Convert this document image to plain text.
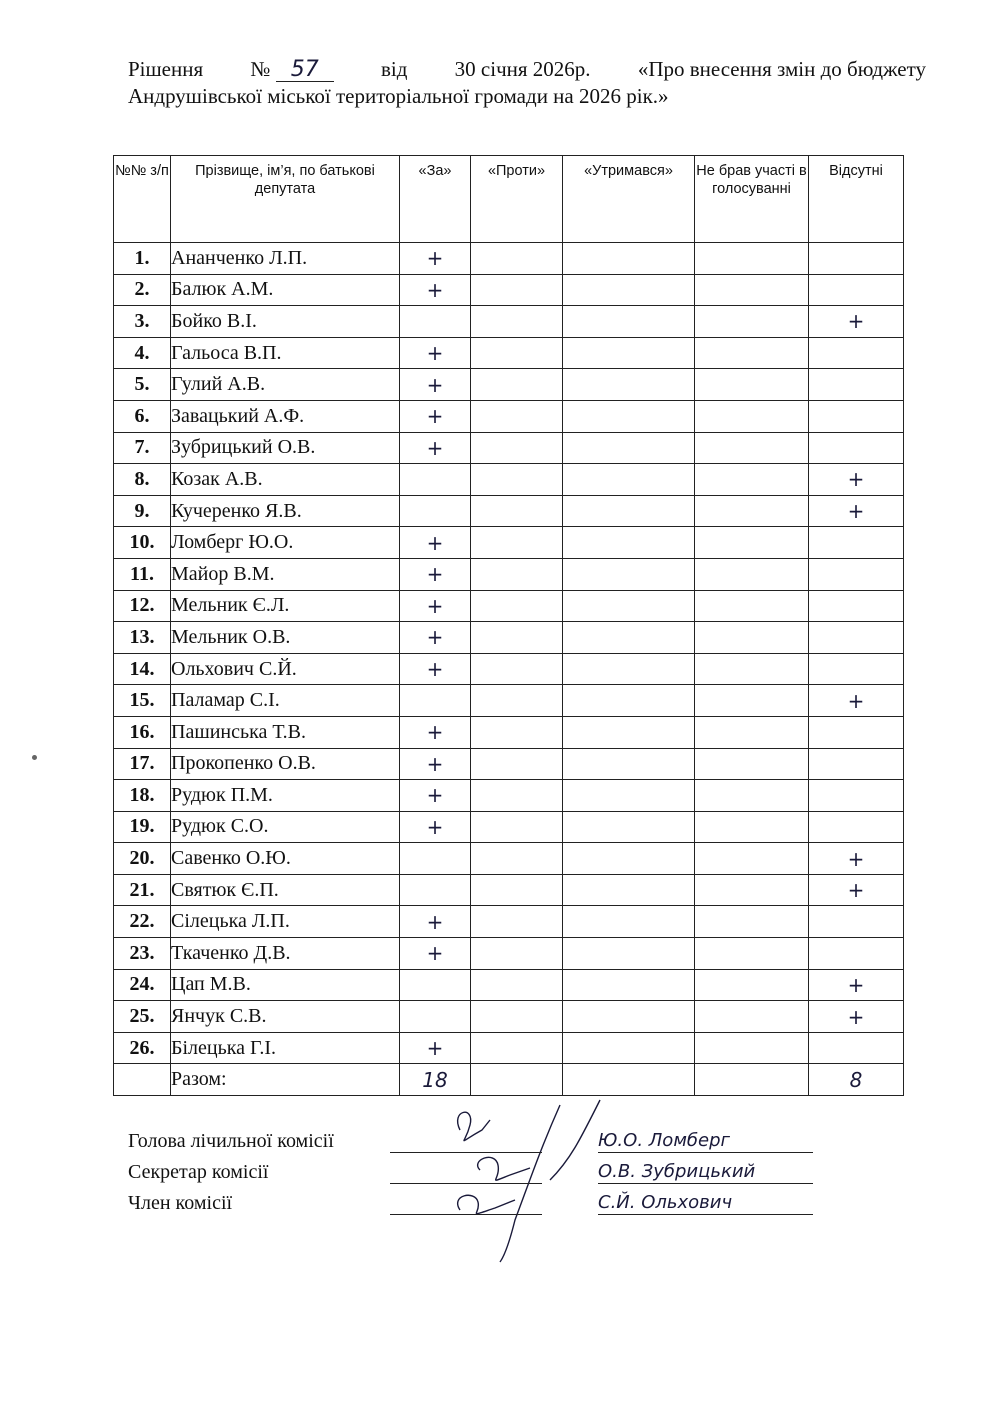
Рішення № 57	від 30 січня 2026р. «Про внесення змін до бюджету
Андрушівської міської територіальної громади на 2026 рік.»
№№ з/п	Прізвище, ім’я, по батькові депутата	«За»	«Проти»	«Утримався»	Не брав участі в голосуванні	Відсутні
1.	Ананченко Л.П.	+				
2.	Балюк А.М.	+				
3.	Бойко В.І.					+
4.	Гальоса В.П.	+				
5.	Гулий А.В.	+				
6.	Завацький А.Ф.	+				
7.	Зубрицький О.В.	+				
8.	Козак А.В.					+
9.	Кучеренко Я.В.					+
10.	Ломберг Ю.О.	+				
11.	Майор В.М.	+				
12.	Мельник Є.Л.	+				
13.	Мельник О.В.	+				
14.	Ольхович С.Й.	+				
15.	Паламар С.І.					+
16.	Пашинська Т.В.	+				
17.	Прокопенко О.В.	+				
18.	Рудюк П.М.	+				
19.	Рудюк С.О.	+				
20.	Савенко О.Ю.					+
21.	Святюк Є.П.					+
22.	Сілецька Л.П.	+				
23.	Ткаченко Д.В.	+				
24.	Цап М.В.					+
25.	Янчук С.В.					+
26.	Білецька Г.І.	+				
	Разом:	18				8
Голова лічильної комісії	Ю.О. Ломберг
Секретар комісії	О.В. Зубрицький
Член комісії	С.Й. Ольхович
